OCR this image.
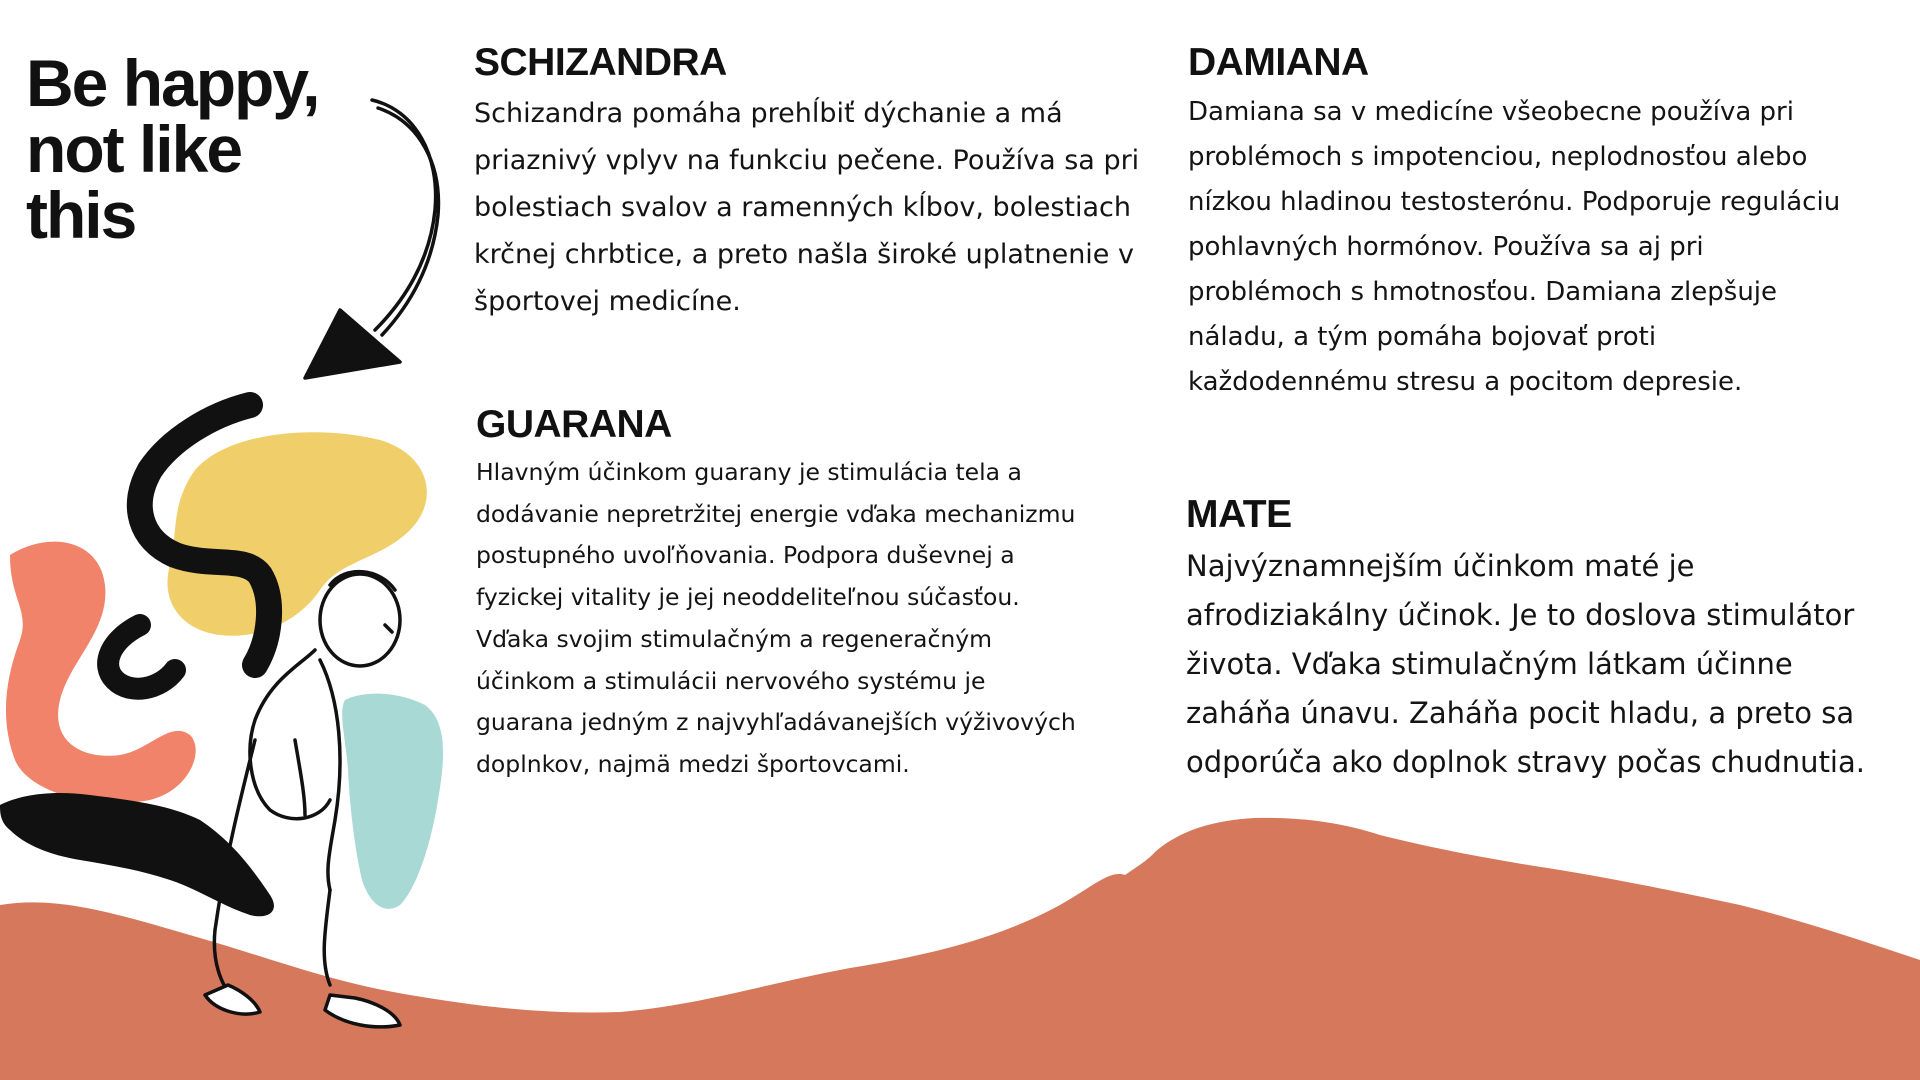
Be happy,
not like
this
SCHIZANDRA

Schizandra pomáha prehĺbiť dýchanie a má priaznivý vplyv na funkciu pečene. Používa sa pri bolestiach svalov a ramenných kĺbov, bolestiach krčnej chrbtice, a preto našla široké uplatnenie v športovej medicíne.

GUARANA

Hlavným účinkom guarany je stimulácia tela a dodávanie nepretržitej energie vďaka mechanizmu postupného uvoľňovania. Podpora duševnej a fyzickej vitality je jej neoddeliteľnou súčasťou. Vďaka svojim stimulačným a regeneračným účinkom a stimulácii nervového systému je guarana jedným z najvyhľadávanejších výživových doplnkov, najmä medzi športovcami.

DAMIANA

Damiana sa v medicíne všeobecne používa pri problémoch s impotenciou, neplodnosťou alebo nízkou hladinou testosterónu. Podporuje reguláciu pohlavných hormónov. Používa sa aj pri problémoch s hmotnosťou. Damiana zlepšuje náladu, a tým pomáha bojovať proti každodennému stresu a pocitom depresie.

MATE

Najvýznamnejším účinkom maté je afrodiziakálny účinok. Je to doslova stimulátor života. Vďaka stimulačným látkam účinne zaháňa únavu. Zaháňa pocit hladu, a preto sa odporúča ako doplnok stravy počas chudnutia.
